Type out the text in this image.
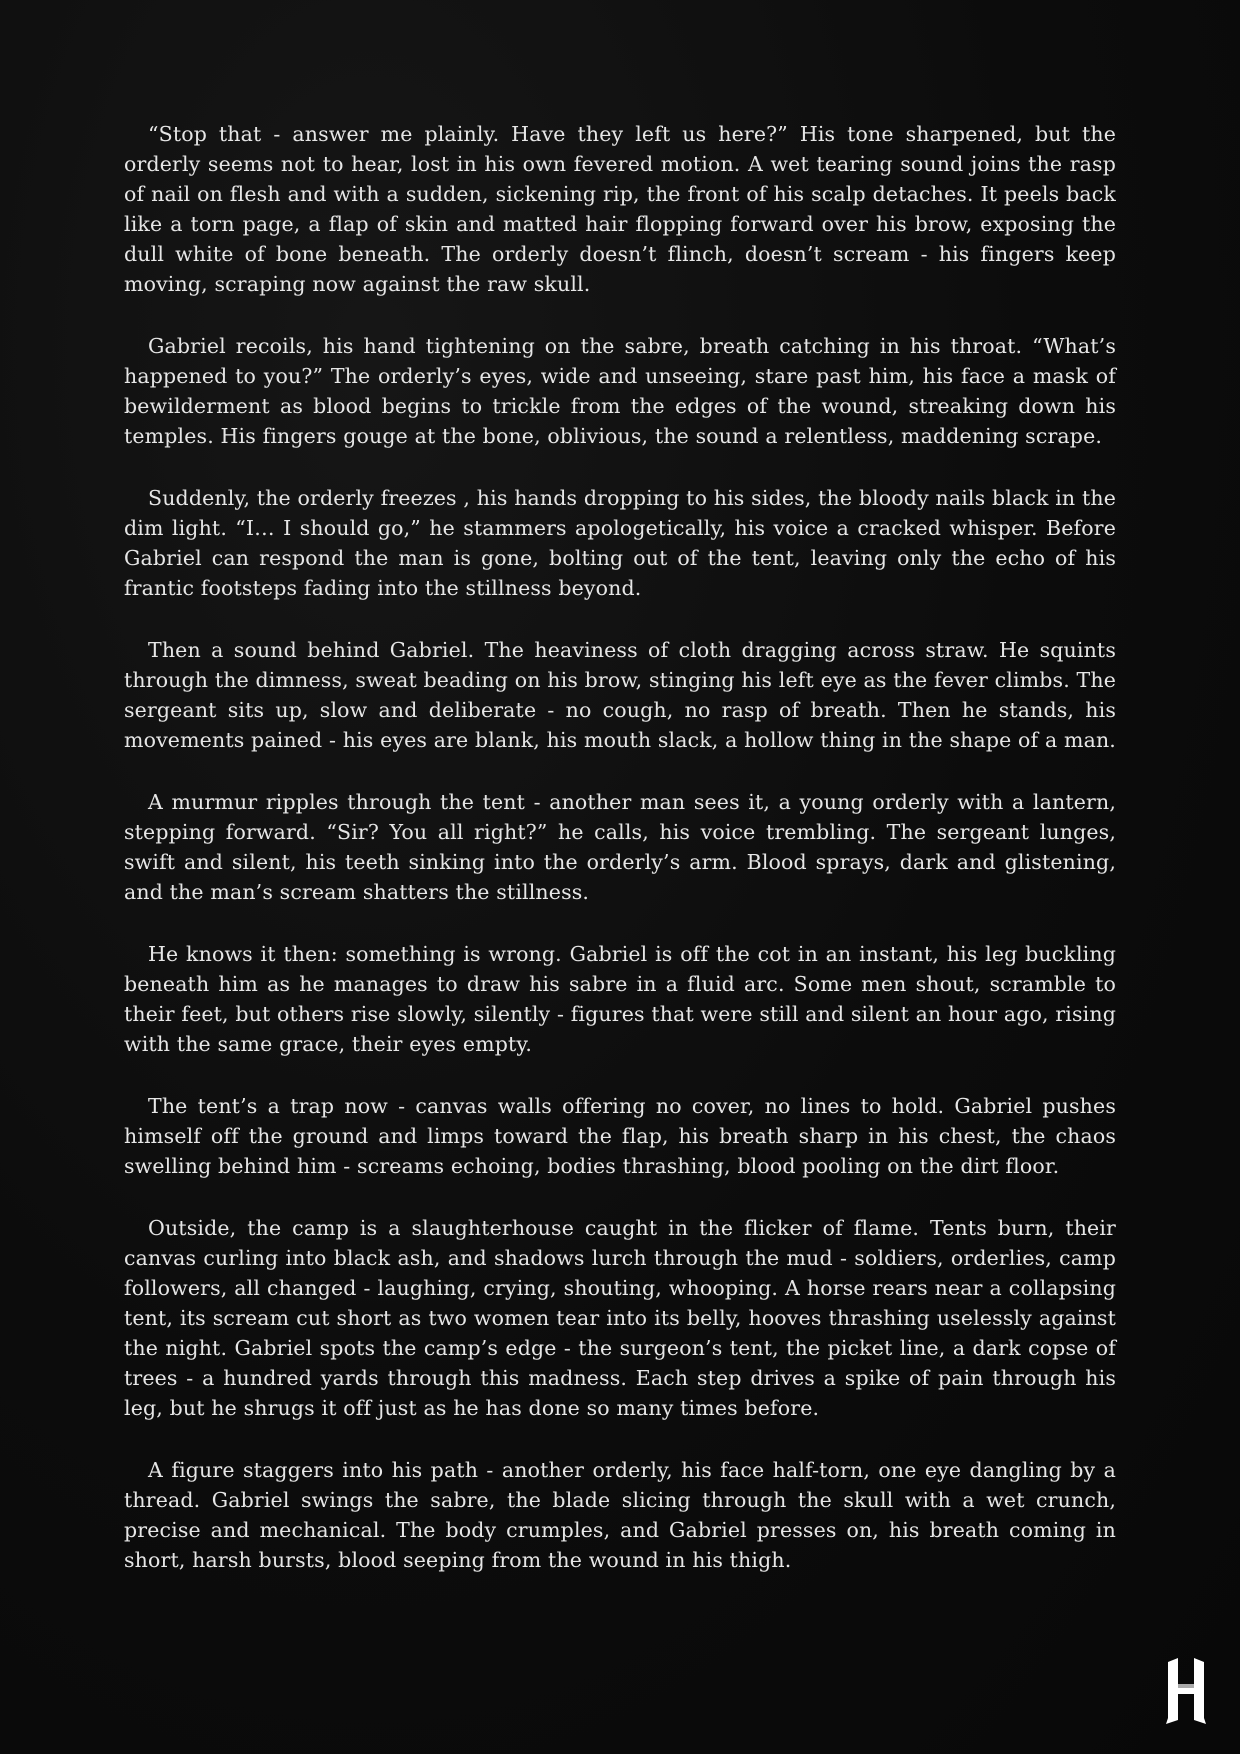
“Stop that - answer me plainly. Have they left us here?” His tone sharpened, but the orderly seems not to hear, lost in his own fevered motion. A wet tearing sound joins the rasp of nail on flesh and with a sudden, sickening rip, the front of his scalp detaches. It peels back like a torn page, a flap of skin and matted hair flopping forward over his brow, exposing the dull white of bone beneath. The orderly doesn’t flinch, doesn’t scream - his fingers keep moving, scraping now against the raw skull.

Gabriel recoils, his hand tightening on the sabre, breath catching in his throat. “What’s happened to you?” The orderly’s eyes, wide and unseeing, stare past him, his face a mask of bewilderment as blood begins to trickle from the edges of the wound, streaking down his temples. His fingers gouge at the bone, oblivious, the sound a relentless, maddening scrape.

Suddenly, the orderly freezes , his hands dropping to his sides, the bloody nails black in the dim light. “I… I should go,” he stammers apologetically, his voice a cracked whisper. Before Gabriel can respond the man is gone, bolting out of the tent, leaving only the echo of his frantic footsteps fading into the stillness beyond.

Then a sound behind Gabriel. The heaviness of cloth dragging across straw. He squints through the dimness, sweat beading on his brow, stinging his left eye as the fever climbs. The sergeant sits up, slow and deliberate - no cough, no rasp of breath. Then he stands, his movements pained - his eyes are blank, his mouth slack, a hollow thing in the shape of a man.

A murmur ripples through the tent - another man sees it, a young orderly with a lantern, stepping forward. “Sir? You all right?” he calls, his voice trembling. The sergeant lunges, swift and silent, his teeth sinking into the orderly’s arm. Blood sprays, dark and glistening, and the man’s scream shatters the stillness.

He knows it then: something is wrong. Gabriel is off the cot in an instant, his leg buckling beneath him as he manages to draw his sabre in a fluid arc. Some men shout, scramble to their feet, but others rise slowly, silently - figures that were still and silent an hour ago, rising with the same grace, their eyes empty.

The tent’s a trap now - canvas walls offering no cover, no lines to hold. Gabriel pushes himself off the ground and limps toward the flap, his breath sharp in his chest, the chaos swelling behind him - screams echoing, bodies thrashing, blood pooling on the dirt floor.

Outside, the camp is a slaughterhouse caught in the flicker of flame. Tents burn, their canvas curling into black ash, and shadows lurch through the mud - soldiers, orderlies, camp followers, all changed - laughing, crying, shouting, whooping. A horse rears near a collapsing tent, its scream cut short as two women tear into its belly, hooves thrashing uselessly against the night. Gabriel spots the camp’s edge - the surgeon’s tent, the picket line, a dark copse of trees - a hundred yards through this madness. Each step drives a spike of pain through his leg, but he shrugs it off just as he has done so many times before.

A figure staggers into his path - another orderly, his face half-torn, one eye dangling by a thread. Gabriel swings the sabre, the blade slicing through the skull with a wet crunch, precise and mechanical. The body crumples, and Gabriel presses on, his breath coming in short, harsh bursts, blood seeping from the wound in his thigh.
